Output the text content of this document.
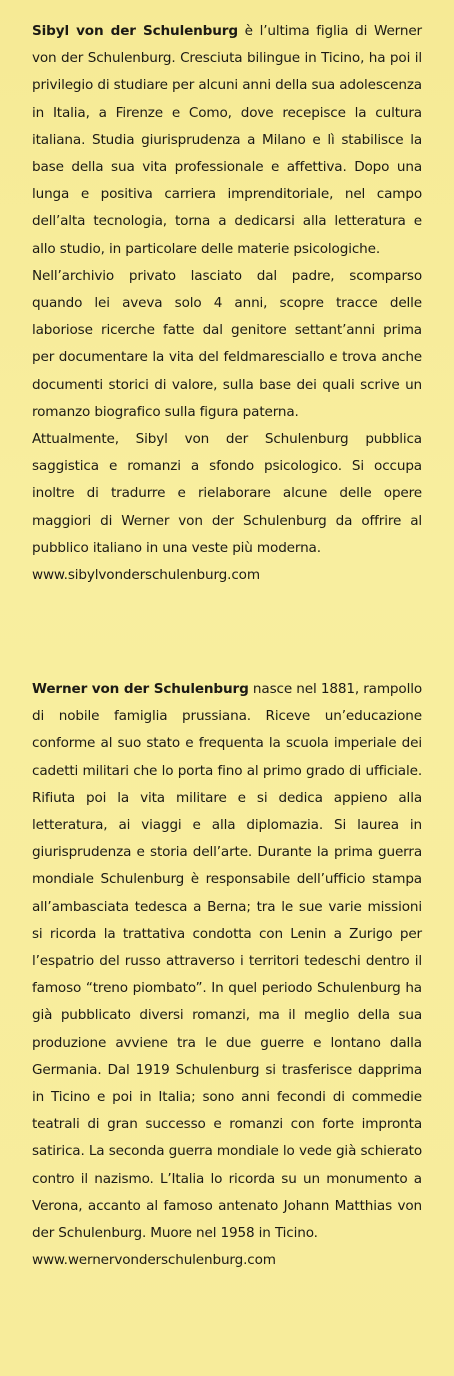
Sibyl von der Schulenburg è l’ultima figlia di Werner von der Schulenburg. Cresciuta bilingue in Ticino, ha poi il privilegio di studiare per alcuni anni della sua adolescenza in Italia, a Firenze e Como, dove recepisce la cultura italiana. Studia giurisprudenza a Milano e lì stabilisce la base della sua vita professionale e affettiva. Dopo una lunga e positiva carriera imprenditoriale, nel campo dell’alta tecnologia, torna a dedicarsi alla letteratura e allo studio, in particolare delle materie psicologiche.

Nell’archivio privato lasciato dal padre, scomparso quando lei aveva solo 4 anni, scopre tracce delle laboriose ricerche fatte dal genitore settant’anni prima per documentare la vita del feldmaresciallo e trova anche documenti storici di valore, sulla base dei quali scrive un romanzo biografico sulla figura paterna.

Attualmente, Sibyl von der Schulenburg pubblica saggistica e romanzi a sfondo psicologico. Si occupa inoltre di tradurre e rielaborare alcune delle opere maggiori di Werner von der Schulenburg da offrire al pubblico italiano in una veste più moderna.

www.sibylvonderschulenburg.com

Werner von der Schulenburg nasce nel 1881, rampollo di nobile famiglia prussiana. Riceve un’educazione conforme al suo stato e frequenta la scuola imperiale dei cadetti militari che lo porta fino al primo grado di ufficiale. Rifiuta poi la vita militare e si dedica appieno alla letteratura, ai viaggi e alla diplomazia. Si laurea in giurisprudenza e storia dell’arte. Durante la prima guerra mondiale Schulenburg è responsabile dell’ufficio stampa all’ambasciata tedesca a Berna; tra le sue varie missioni si ricorda la trattativa condotta con Lenin a Zurigo per l’espatrio del russo attraverso i territori tedeschi dentro il famoso “treno piombato”. In quel periodo Schulenburg ha già pubblicato diversi romanzi, ma il meglio della sua produzione avviene tra le due guerre e lontano dalla Germania. Dal 1919 Schulenburg si trasferisce dapprima in Ticino e poi in Italia; sono anni fecondi di commedie teatrali di gran successo e romanzi con forte impronta satirica. La seconda guerra mondiale lo vede già schierato contro il nazismo. L’Italia lo ricorda su un monumento a Verona, accanto al famoso antenato Johann Matthias von der Schulenburg. Muore nel 1958 in Ticino.

www.wernervonderschulenburg.com
